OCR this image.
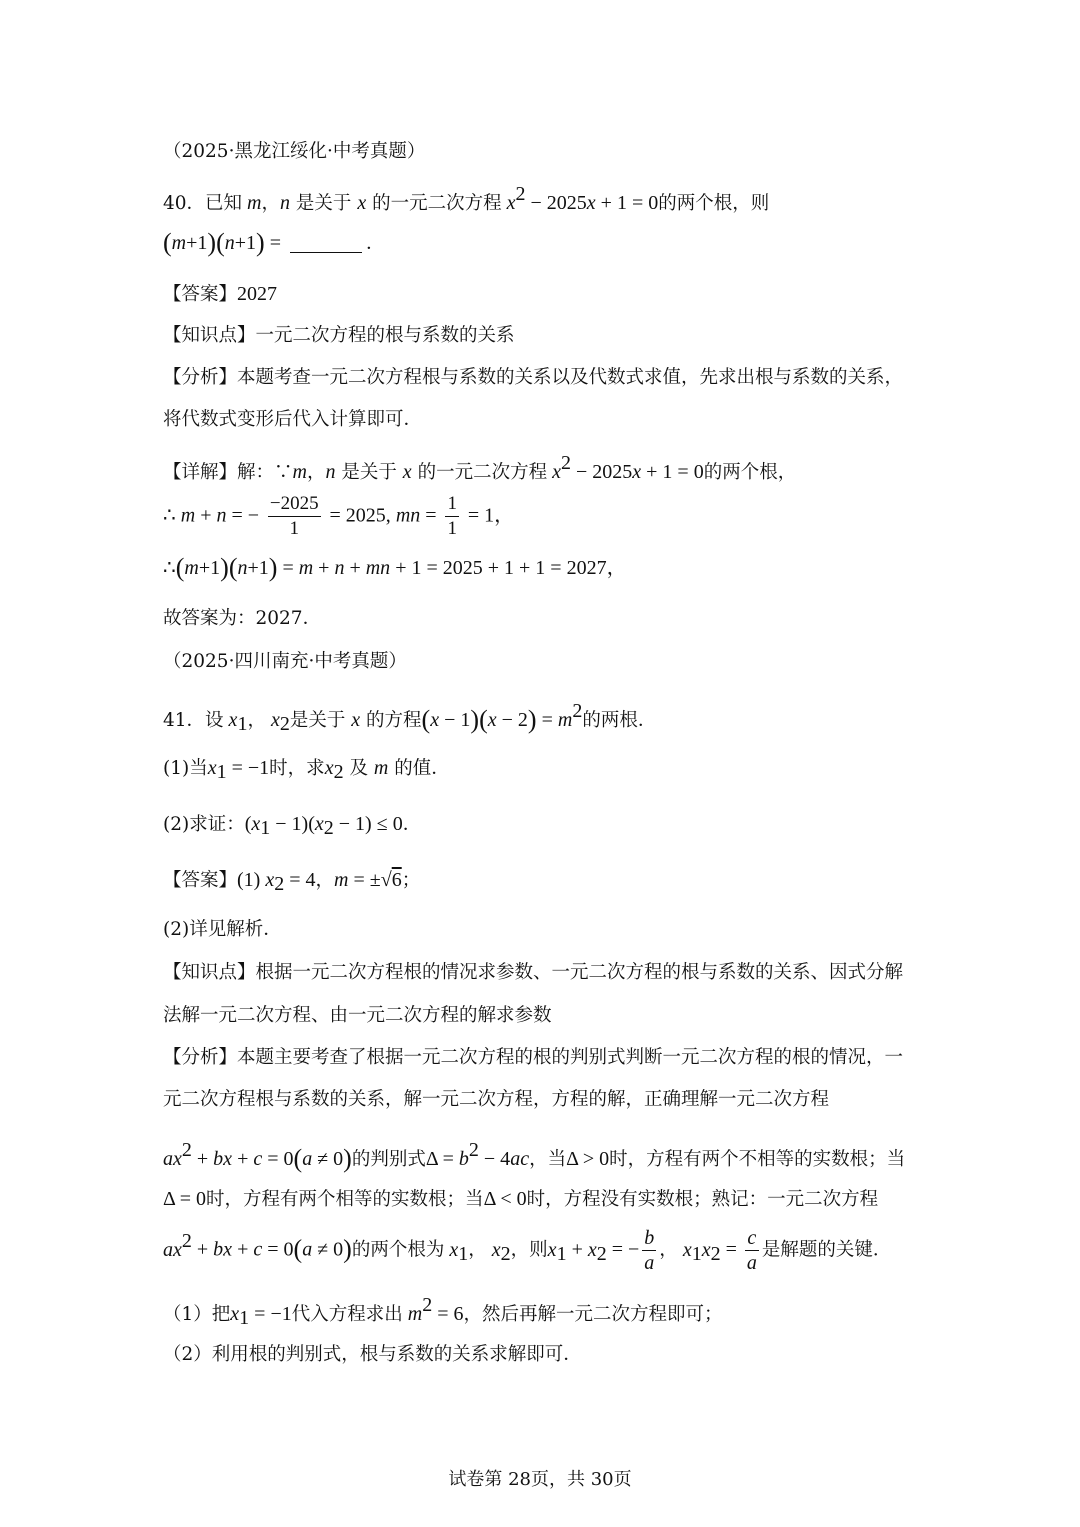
（2025·黑龙江绥化·中考真题）
40．已知 m，n 是关于 x 的一元二次方程 $x^2 - 2025x + 1 = 0$的两个根，则
(m+1)(n+1) =	．
【答案】2027
【知识点】一元二次方程的根与系数的关系
【分析】本题考查一元二次方程根与系数的关系以及代数式求值，先求出根与系数的关系，
将代数式变形后代入计算即可．
【详解】解：∵m，n 是关于 x 的一元二次方程 $x^2 - 2025x + 1 = 0$的两个根，
∴ m + n = − $\frac{-2025}{1} = 2025$, mn = $\frac{1}{1} = 1$，
∴(m+1)(n+1) = m + n + mn + 1 = 2025 + 1 + 1 = 2027，
故答案为：2027．
（2025·四川南充·中考真题）
41．设 $x_1$， $x_2$是关于 x 的方程$(x - 1)(x - 2) = m^2$的两根．
(1)当$x_1 = -1$时，求$x_2$ 及 m 的值．
(2)求证：$(x_1 - 1)(x_2 - 1) \le 0$．
【答案】(1) $x_2 = 4$，m = ±√6；
(2)详见解析．
【知识点】根据一元二次方程根的情况求参数、一元二次方程的根与系数的关系、因式分解
法解一元二次方程、由一元二次方程的解求参数
【分析】本题主要考查了根据一元二次方程的根的判别式判断一元二次方程的根的情况，一
元二次方程根与系数的关系，解一元二次方程，方程的解，正确理解一元二次方程
$ax^2$ + bx + c = 0(a ≠ 0)的判别式$\Delta = b^2 - 4ac$，当Δ > 0时，方程有两个不相等的实数根；当
Δ = 0时，方程有两个相等的实数根；当Δ < 0时，方程没有实数根；熟记：一元二次方程
$ax^2$ + bx + c = 0(a ≠ 0)的两个根为 $x_1$， $x_2$，则$x_1 + x_2$ = − $\frac{b}{a}$ ， $x_1x_2 = \frac{c}{a}$ 是解题的关键．
（1）把$x_1 = -1$代入方程求出 $m^2 = 6$，然后再解一元二次方程即可；
（2）利用根的判别式，根与系数的关系求解即可．
试卷第 28页，共 30页
